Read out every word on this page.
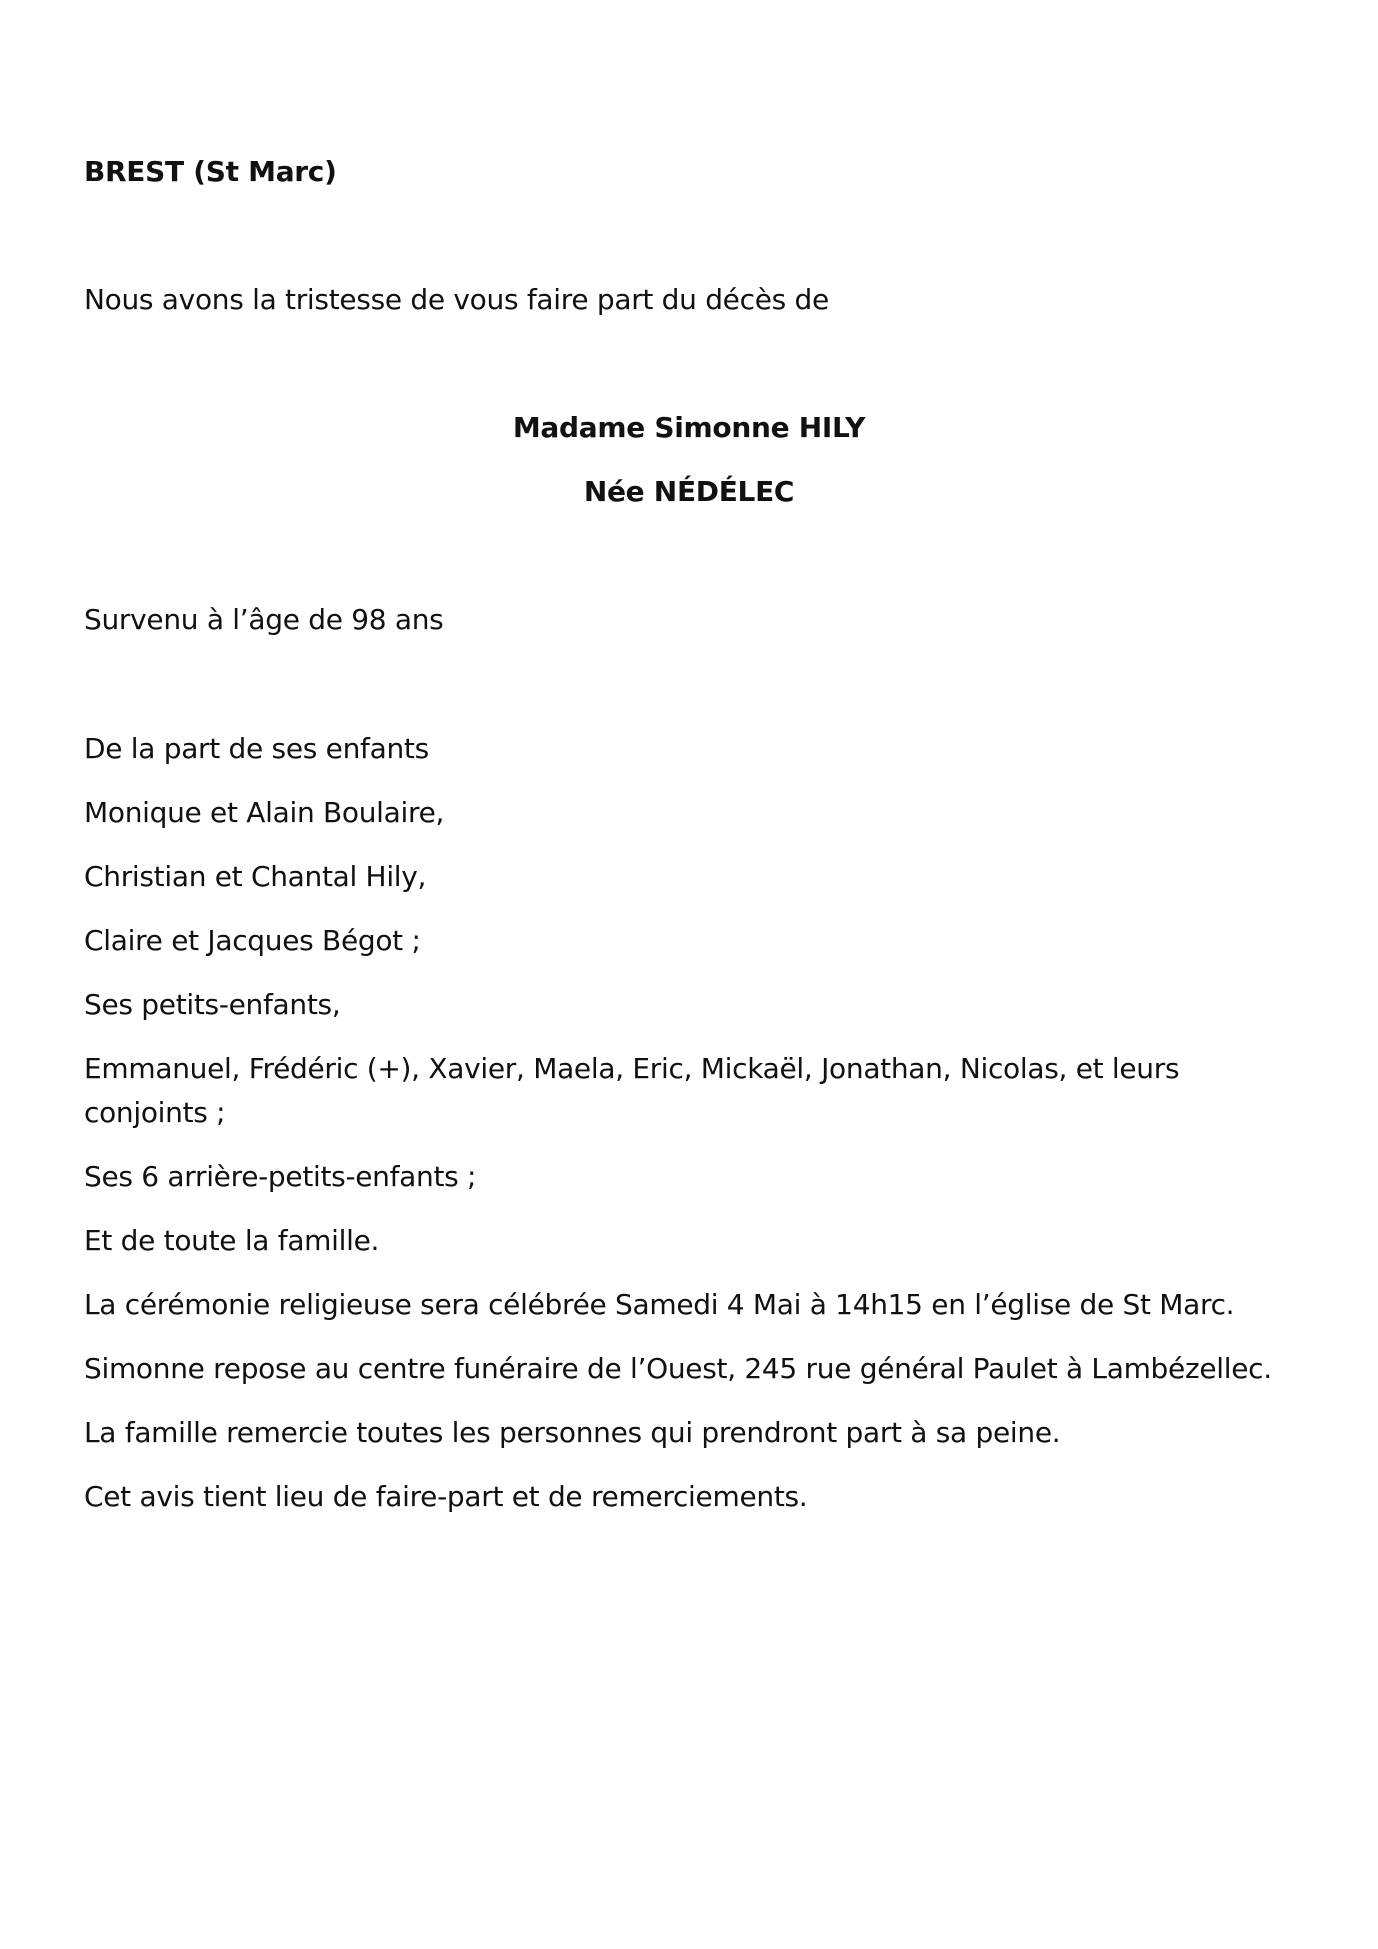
BREST (St Marc)
Nous avons la tristesse de vous faire part du décès de
Madame Simonne HILY
Née NÉDÉLEC
Survenu à l’âge de 98 ans
De la part de ses enfants
Monique et Alain Boulaire,
Christian et Chantal Hily,
Claire et Jacques Bégot ;
Ses petits-enfants,
Emmanuel, Frédéric (+), Xavier, Maela, Eric, Mickaël, Jonathan, Nicolas, et leurs
conjoints ;
Ses 6 arrière-petits-enfants ;
Et de toute la famille.
La cérémonie religieuse sera célébrée Samedi 4 Mai à 14h15 en l’église de St Marc.
Simonne repose au centre funéraire de l’Ouest, 245 rue général Paulet à Lambézellec.
La famille remercie toutes les personnes qui prendront part à sa peine.
Cet avis tient lieu de faire-part et de remerciements.
